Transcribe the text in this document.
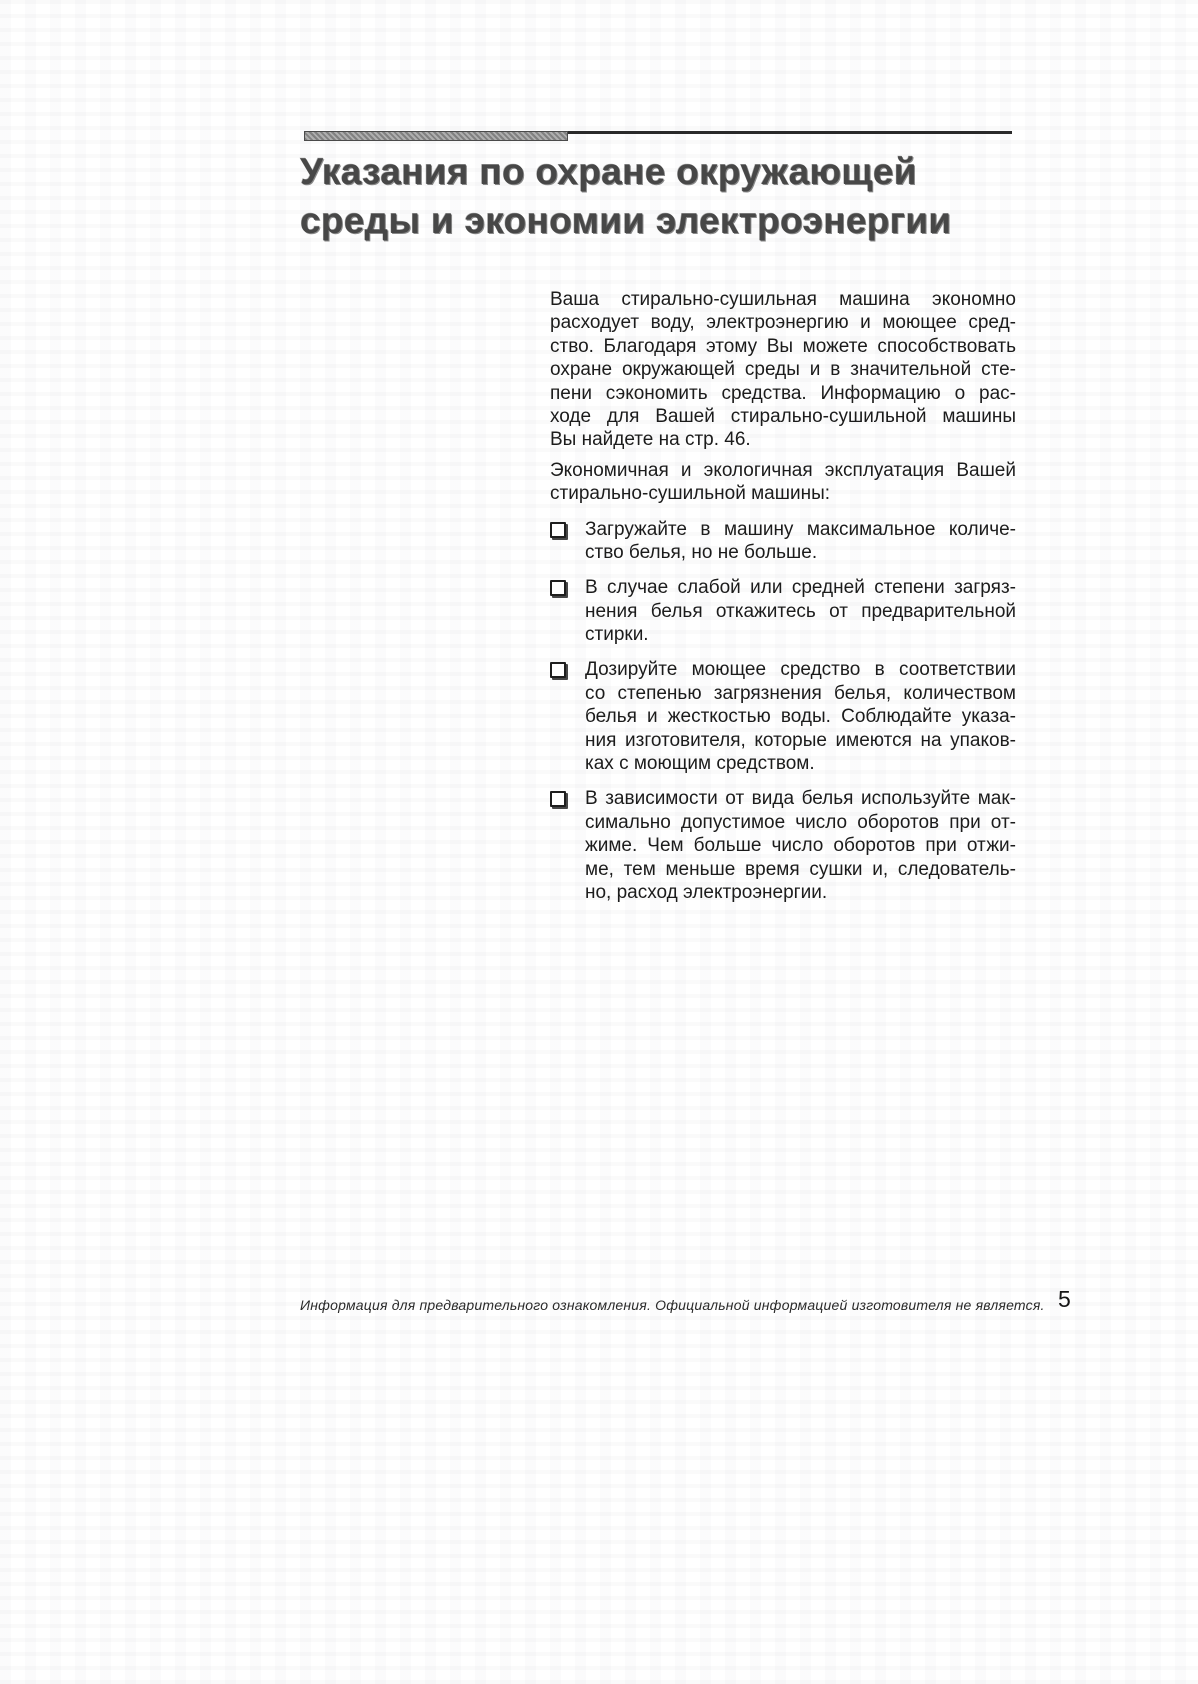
Указания по охране окружающей
среды и экономии электроэнергии
Ваша стирально-сушильная машина экономно
расходует воду, электроэнергию и моющее сред-
ство. Благодаря этому Вы можете способствовать
охране окружающей среды и в значительной сте-
пени сэкономить средства. Информацию о рас-
ходе для Вашей стирально-сушильной машины
Вы найдете на стр. 46.
Экономичная и экологичная эксплуатация Вашей
стирально-сушильной машины:
Загружайте в машину максимальное количе-
ство белья, но не больше.
В случае слабой или средней степени загряз-
нения белья откажитесь от предварительной
стирки.
Дозируйте моющее средство в соответствии
со степенью загрязнения белья, количеством
белья и жесткостью воды. Соблюдайте указа-
ния изготовителя, которые имеются на упаков-
ках с моющим средством.
В зависимости от вида белья используйте мак-
симально допустимое число оборотов при от-
жиме. Чем больше число оборотов при отжи-
ме, тем меньше время сушки и, следователь-
но, расход электроэнергии.
Информация для предварительного ознакомления. Официальной информацией изготовителя не является. 5
